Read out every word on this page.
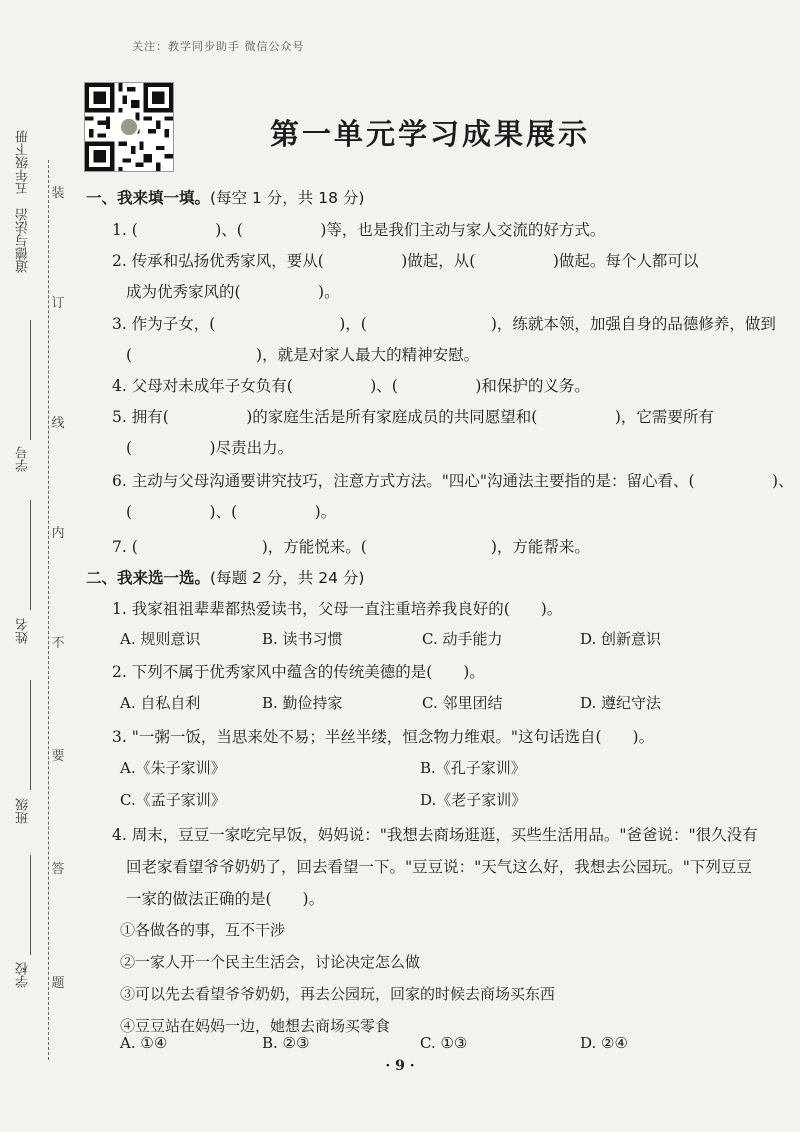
关注：教学同步助手 微信公众号
第一单元学习成果展示
装
订
线
内
不
要
答
题
道德与法治　五年级下册
学号
姓名
班级
学校
一、我来填一填。(每空 1 分，共 18 分)
1. (　　　　　)、(　　　　　)等，也是我们主动与家人交流的好方式。
2. 传承和弘扬优秀家风，要从(　　　　　)做起，从(　　　　　)做起。每个人都可以
成为优秀家风的(　　　　　)。
3. 作为子女，(　　　　　　　　)，(　　　　　　　　)，练就本领，加强自身的品德修养，做到
(　　　　　　　　)，就是对家人最大的精神安慰。
4. 父母对未成年子女负有(　　　　　)、(　　　　　)和保护的义务。
5. 拥有(　　　　　)的家庭生活是所有家庭成员的共同愿望和(　　　　　)，它需要所有
(　　　　　)尽责出力。
6. 主动与父母沟通要讲究技巧，注意方式方法。"四心"沟通法主要指的是：留心看、(　　　　　)、
(　　　　　)、(　　　　　)。
7. (　　　　　　　　)，方能悦来。(　　　　　　　　)，方能帮来。
二、我来选一选。(每题 2 分，共 24 分)
1. 我家祖祖辈辈都热爱读书，父母一直注重培养我良好的(　　)。
A. 规则意识	B. 读书习惯	C. 动手能力	D. 创新意识
2. 下列不属于优秀家风中蕴含的传统美德的是(　　)。
A. 自私自利	B. 勤俭持家	C. 邻里团结	D. 遵纪守法
3. "一粥一饭，当思来处不易；半丝半缕，恒念物力维艰。"这句话选自(　　)。
A.《朱子家训》	B.《孔子家训》
C.《孟子家训》	D.《老子家训》
4. 周末，豆豆一家吃完早饭，妈妈说："我想去商场逛逛，买些生活用品。"爸爸说："很久没有
回老家看望爷爷奶奶了，回去看望一下。"豆豆说："天气这么好，我想去公园玩。"下列豆豆
一家的做法正确的是(　　)。
①各做各的事，互不干涉
②一家人开一个民主生活会，讨论决定怎么做
③可以先去看望爷爷奶奶，再去公园玩，回家的时候去商场买东西
④豆豆站在妈妈一边，她想去商场买零食
A. ①④	B. ②③	C. ①③	D. ②④
· 9 ·
